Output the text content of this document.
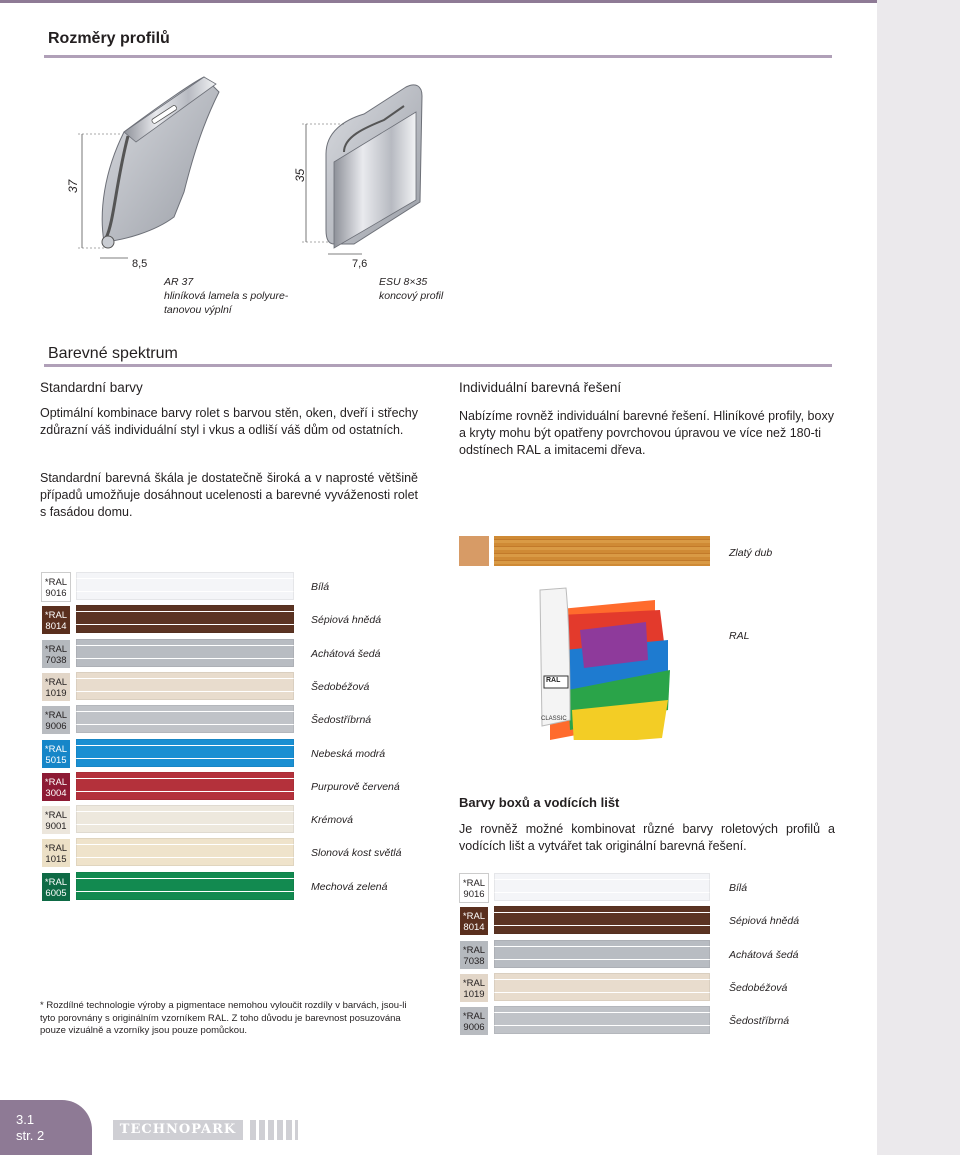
Rozměry profilů
37
8,5
35
7,6
AR 37
hliníková lamela s polyure-
tanovou výplní
ESU 8×35
koncový profil
Barevné spektrum
Standardní barvy
Optimální kombinace barvy rolet s barvou stěn, oken, dveří i střechy zdůrazní váš individuální styl i vkus a odliší váš dům od ostatních.
Standardní barevná škála je dostatečně široká a v naprosté většině případů umožňuje dosáhnout ucelenosti a barevné vyváženosti rolet s fasádou domu.
Individuální barevná řešení
Nabízíme rovněž individuální barevné řešení. Hliníkové profily, boxy a kryty mohu být opatřeny povrchovou úpravou ve více než 180-ti odstínech RAL a imitacemi dřeva.
Zlatý dub
RAL
CLASSIC
RAL
*RAL
9016
Bílá
*RAL
8014
Sépiová hnědá
*RAL
7038
Achátová šedá
*RAL
1019
Šedobéžová
*RAL
9006
Šedostříbrná
*RAL
5015
Nebeská modrá
*RAL
3004
Purpurově červená
*RAL
9001
Krémová
*RAL
1015
Slonová kost světlá
*RAL
6005
Mechová zelená
Barvy boxů a vodících lišt
Je rovněž možné kombinovat různé barvy roletových profilů a vodících lišt a vytvářet tak originální barevná řešení.
*RAL
9016
Bílá
*RAL
8014
Sépiová hnědá
*RAL
7038
Achátová šedá
*RAL
1019
Šedobéžová
*RAL
9006
Šedostříbrná
* Rozdílné technologie výroby a pigmentace nemohou vyloučit rozdíly v barvách, jsou-li tyto porovnány s originálním vzorníkem RAL. Z toho důvodu je barevnost posuzována pouze vizuálně a vzorníky jsou pouze pomůckou.
3.1
str. 2	TECHNOPARK
